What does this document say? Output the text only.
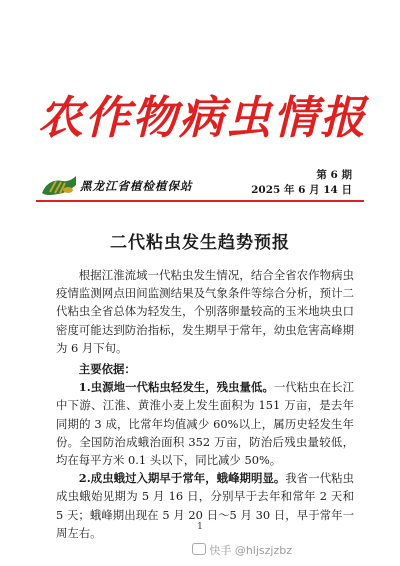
农作物病虫情报
黑龙江省植检植保站
第 6 期
2025 年 6 月 14 日
二代粘虫发生趋势预报

根据江淮流域一代粘虫发生情况，结合全省农作物病虫疫情监测网点田间监测结果及气象条件等综合分析，预计二代粘虫全省总体为轻发生，个别落卵量较高的玉米地块虫口密度可能达到防治指标，发生期早于常年，幼虫危害高峰期为 6 月下旬。

主要依据：

1.虫源地一代粘虫轻发生，残虫量低。一代粘虫在长江中下游、江淮、黄淮小麦上发生面积为 151 万亩，是去年同期的 3 成，比常年均值减少 60%以上，属历史轻发生年份。全国防治成蛾治面积 352 万亩，防治后残虫量较低，均在每平方米 0.1 头以下，同比减少 50%。

2.成虫蛾过入期早于常年，蛾峰期明显。我省一代粘虫成虫蛾始见期为 5 月 16 日，分别早于去年和常年 2 天和 5 天；蛾峰期出现在 5 月 20 日～5 月 30 日，早于常年一周左右。	1
快手 @hljszjzbz
